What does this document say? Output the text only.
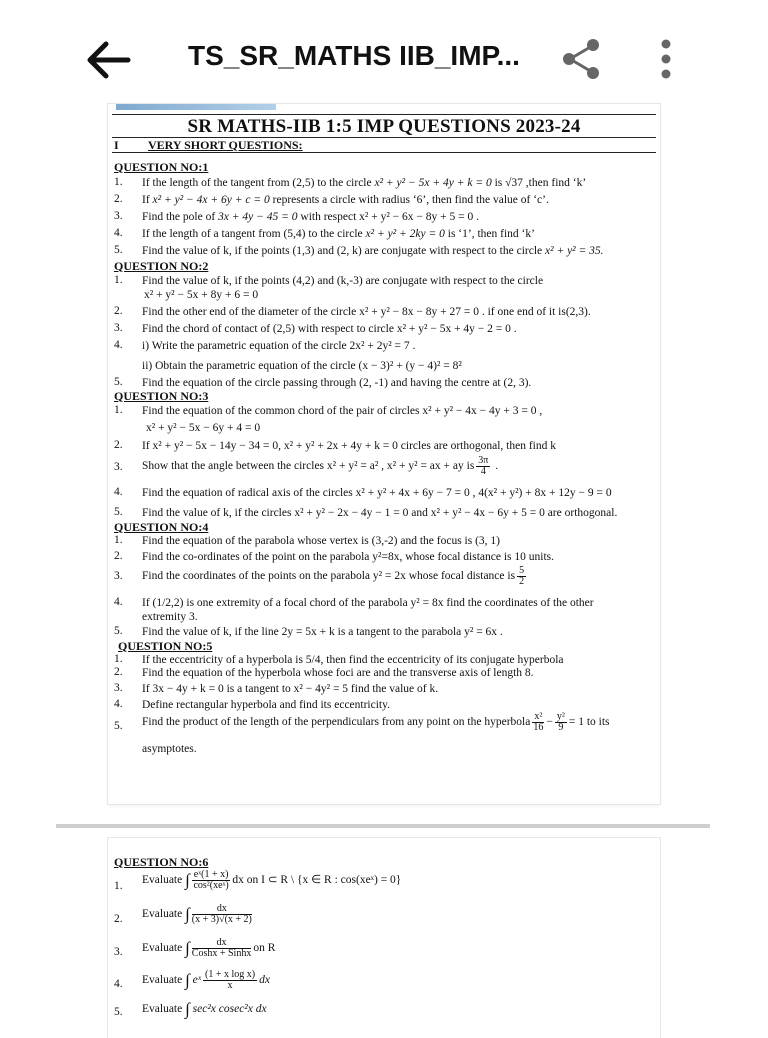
TS_SR_MATHS IIB_IMP...
SR MATHS-IIB 1:5 IMP QUESTIONS 2023-24
I VERY SHORT QUESTIONS:
QUESTION NO:1
1. If the length of the tangent from (2,5) to the circle x² + y² − 5x + 4y + k = 0 is √37 ,then find ‘k’
2. If x² + y² − 4x + 6y + c = 0 represents a circle with radius ‘6’, then find the value of ‘c’.
3. Find the pole of 3x + 4y − 45 = 0 with respect x² + y² − 6x − 8y + 5 = 0 .
4. If the length of a tangent from (5,4) to the circle x² + y² + 2ky = 0 is ‘1’, then find ‘k’
5. Find the value of k, if the points (1,3) and (2, k) are conjugate with respect to the circle x² + y² = 35.
QUESTION NO:2
1. Find the value of k, if the points (4,2) and (k,-3) are conjugate with respect to the circle
x² + y² − 5x + 8y + 6 = 0
2. Find the other end of the diameter of the circle x² + y² − 8x − 8y + 27 = 0 . if one end of it is(2,3).
3. Find the chord of contact of (2,5) with respect to circle x² + y² − 5x + 4y − 2 = 0 .
4. i) Write the parametric equation of the circle 2x² + 2y² = 7 .
ii) Obtain the parametric equation of the circle (x − 3)² + (y − 4)² = 8²
5. Find the equation of the circle passing through (2, -1) and having the centre at (2, 3).
QUESTION NO:3
1. Find the equation of the common chord of the pair of circles x² + y² − 4x − 4y + 3 = 0 ,
x² + y² − 5x − 6y + 4 = 0
2. If x² + y² − 5x − 14y − 34 = 0, x² + y² + 2x + 4y + k = 0 circles are orthogonal, then find k
3. Show that the angle between the circles x² + y² = a² , x² + y² = ax + ay is $\frac{3\pi}{4}$ .
4. Find the equation of radical axis of the circles x² + y² + 4x + 6y − 7 = 0 , 4(x² + y²) + 8x + 12y − 9 = 0
5. Find the value of k, if the circles x² + y² − 2x − 4y − 1 = 0 and x² + y² − 4x − 6y + 5 = 0 are orthogonal.
QUESTION NO:4
1. Find the equation of the parabola whose vertex is (3,-2) and the focus is (3, 1)
2. Find the co-ordinates of the point on the parabola y²=8x, whose focal distance is 10 units.
3. Find the coordinates of the points on the parabola y² = 2x whose focal distance is $\frac{5}{2}$
4. If (1/2,2) is one extremity of a focal chord of the parabola y² = 8x find the coordinates of the other
extremity 3.
5. Find the value of k, if the line 2y = 5x + k is a tangent to the parabola y² = 6x .
QUESTION NO:5
1. If the eccentricity of a hyperbola is 5/4, then find the eccentricity of its conjugate hyperbola
2. Find the equation of the hyperbola whose foci are and the transverse axis of length 8.
3. If 3x − 4y + k = 0 is a tangent to x² − 4y² = 5 find the value of k.
4. Define rectangular hyperbola and find its eccentricity.
5. Find the product of the length of the perpendiculars from any point on the hyperbola $\frac{\text{x²}}{16} - \frac{\text{y²}}{9} = 1$ to its
asymptotes.
QUESTION NO:6
1. Evaluate ∫ $\frac{\text{eˣ(1 + x)}}{\text{cos²(xeˣ)}}$ dx on I ⊂ R \ {x ∈ R : cos(xeˣ) = 0}
2. Evaluate ∫ $\frac{dx}{(x + 3)√(x + 2)}$
3. Evaluate ∫ $\frac{dx}{\text{Coshx + Sinhx}}$ on R
4. Evaluate ∫ eˣ $\frac{\text{(1 + x log x)}}{x}$ dx
5. Evaluate ∫ sec²x cosec²x dx
